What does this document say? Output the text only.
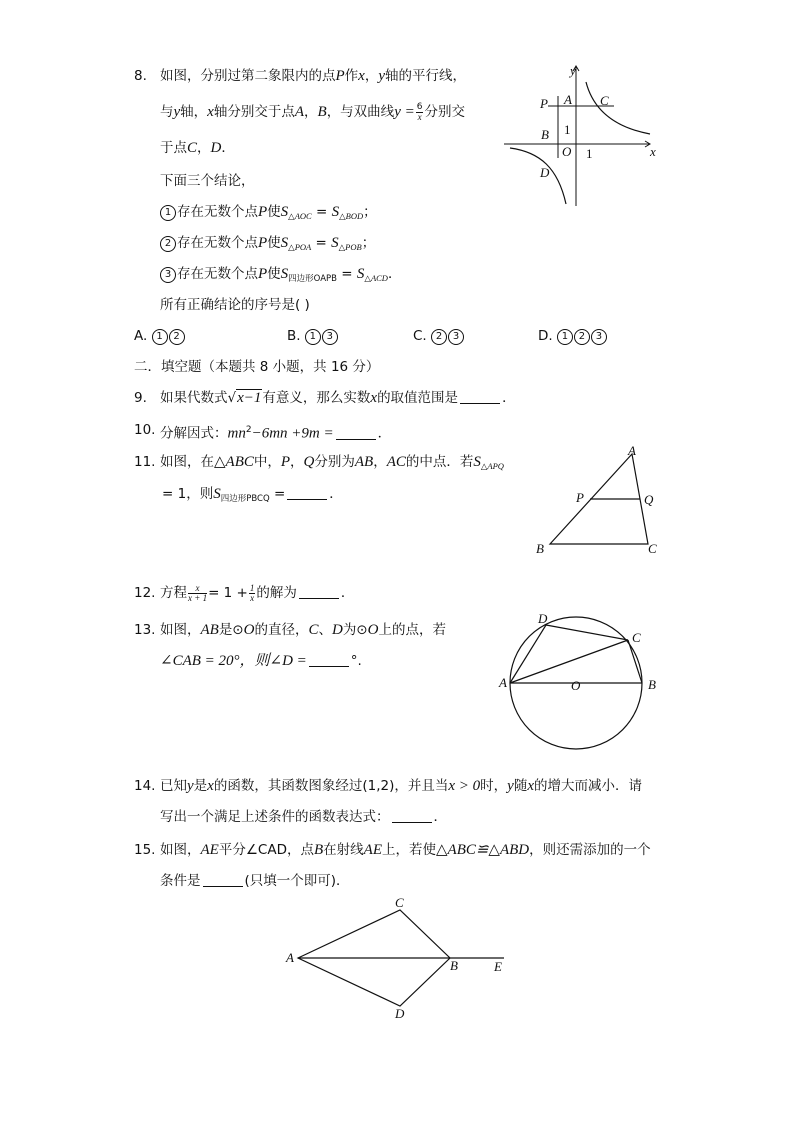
8. 如图，分别过第二象限内的点P作x，y轴的平行线，
与y轴，x轴分别交于点A，B，与双曲线$y = \frac{6}{x}$ 分别交
于点C，D．
下面三个结论，
1 存在无数个点P使$S_{\triangle AOC} = S_{\triangle BOD}$；
2 存在无数个点P使$S_{\triangle POA} = S_{\triangle POB}$；
3 存在无数个点P使$S_{四边形OAPB} = S_{\triangle ACD}$．
所有正确结论的序号是( )
A. 1 2	B. 1 3	C. 2 3	D. 1 2 3
y
x
P A C
B 1
O 1
D
二．填空题（本题共 8 小题，共 16 分）
9. 如果代数式√x−1有意义，那么实数x的取值范围是	．
10. 分解因式：$mn^2-6mn +9m$ =	．
11. 如图，在△ABC中，P，Q分别为AB，AC的中点．若$S_{\triangle APQ}$
= 1，则$S_{四边形PBCQ}$ =	．
A
P	Q
B	C
12. 方程 $\frac{x}{x + 1} = 1 + \frac{1}{x}$ 的解为	．
13. 如图，AB是⊙O的直径，C、D为⊙O上的点，若
∠CAB = 20°，则∠D =	°.
A	B
C
D
O
14. 已知y是x的函数，其函数图象经过(1,2)，并且当x > 0时，y随x的增大而减小．请
写出一个满足上述条件的函数表达式：	．
15. 如图，AE平分∠CAD，点B在射线AE上，若使△ABC≌△ABD，则还需添加的一个
条件是	(只填一个即可)．
C
A
B	E
D
